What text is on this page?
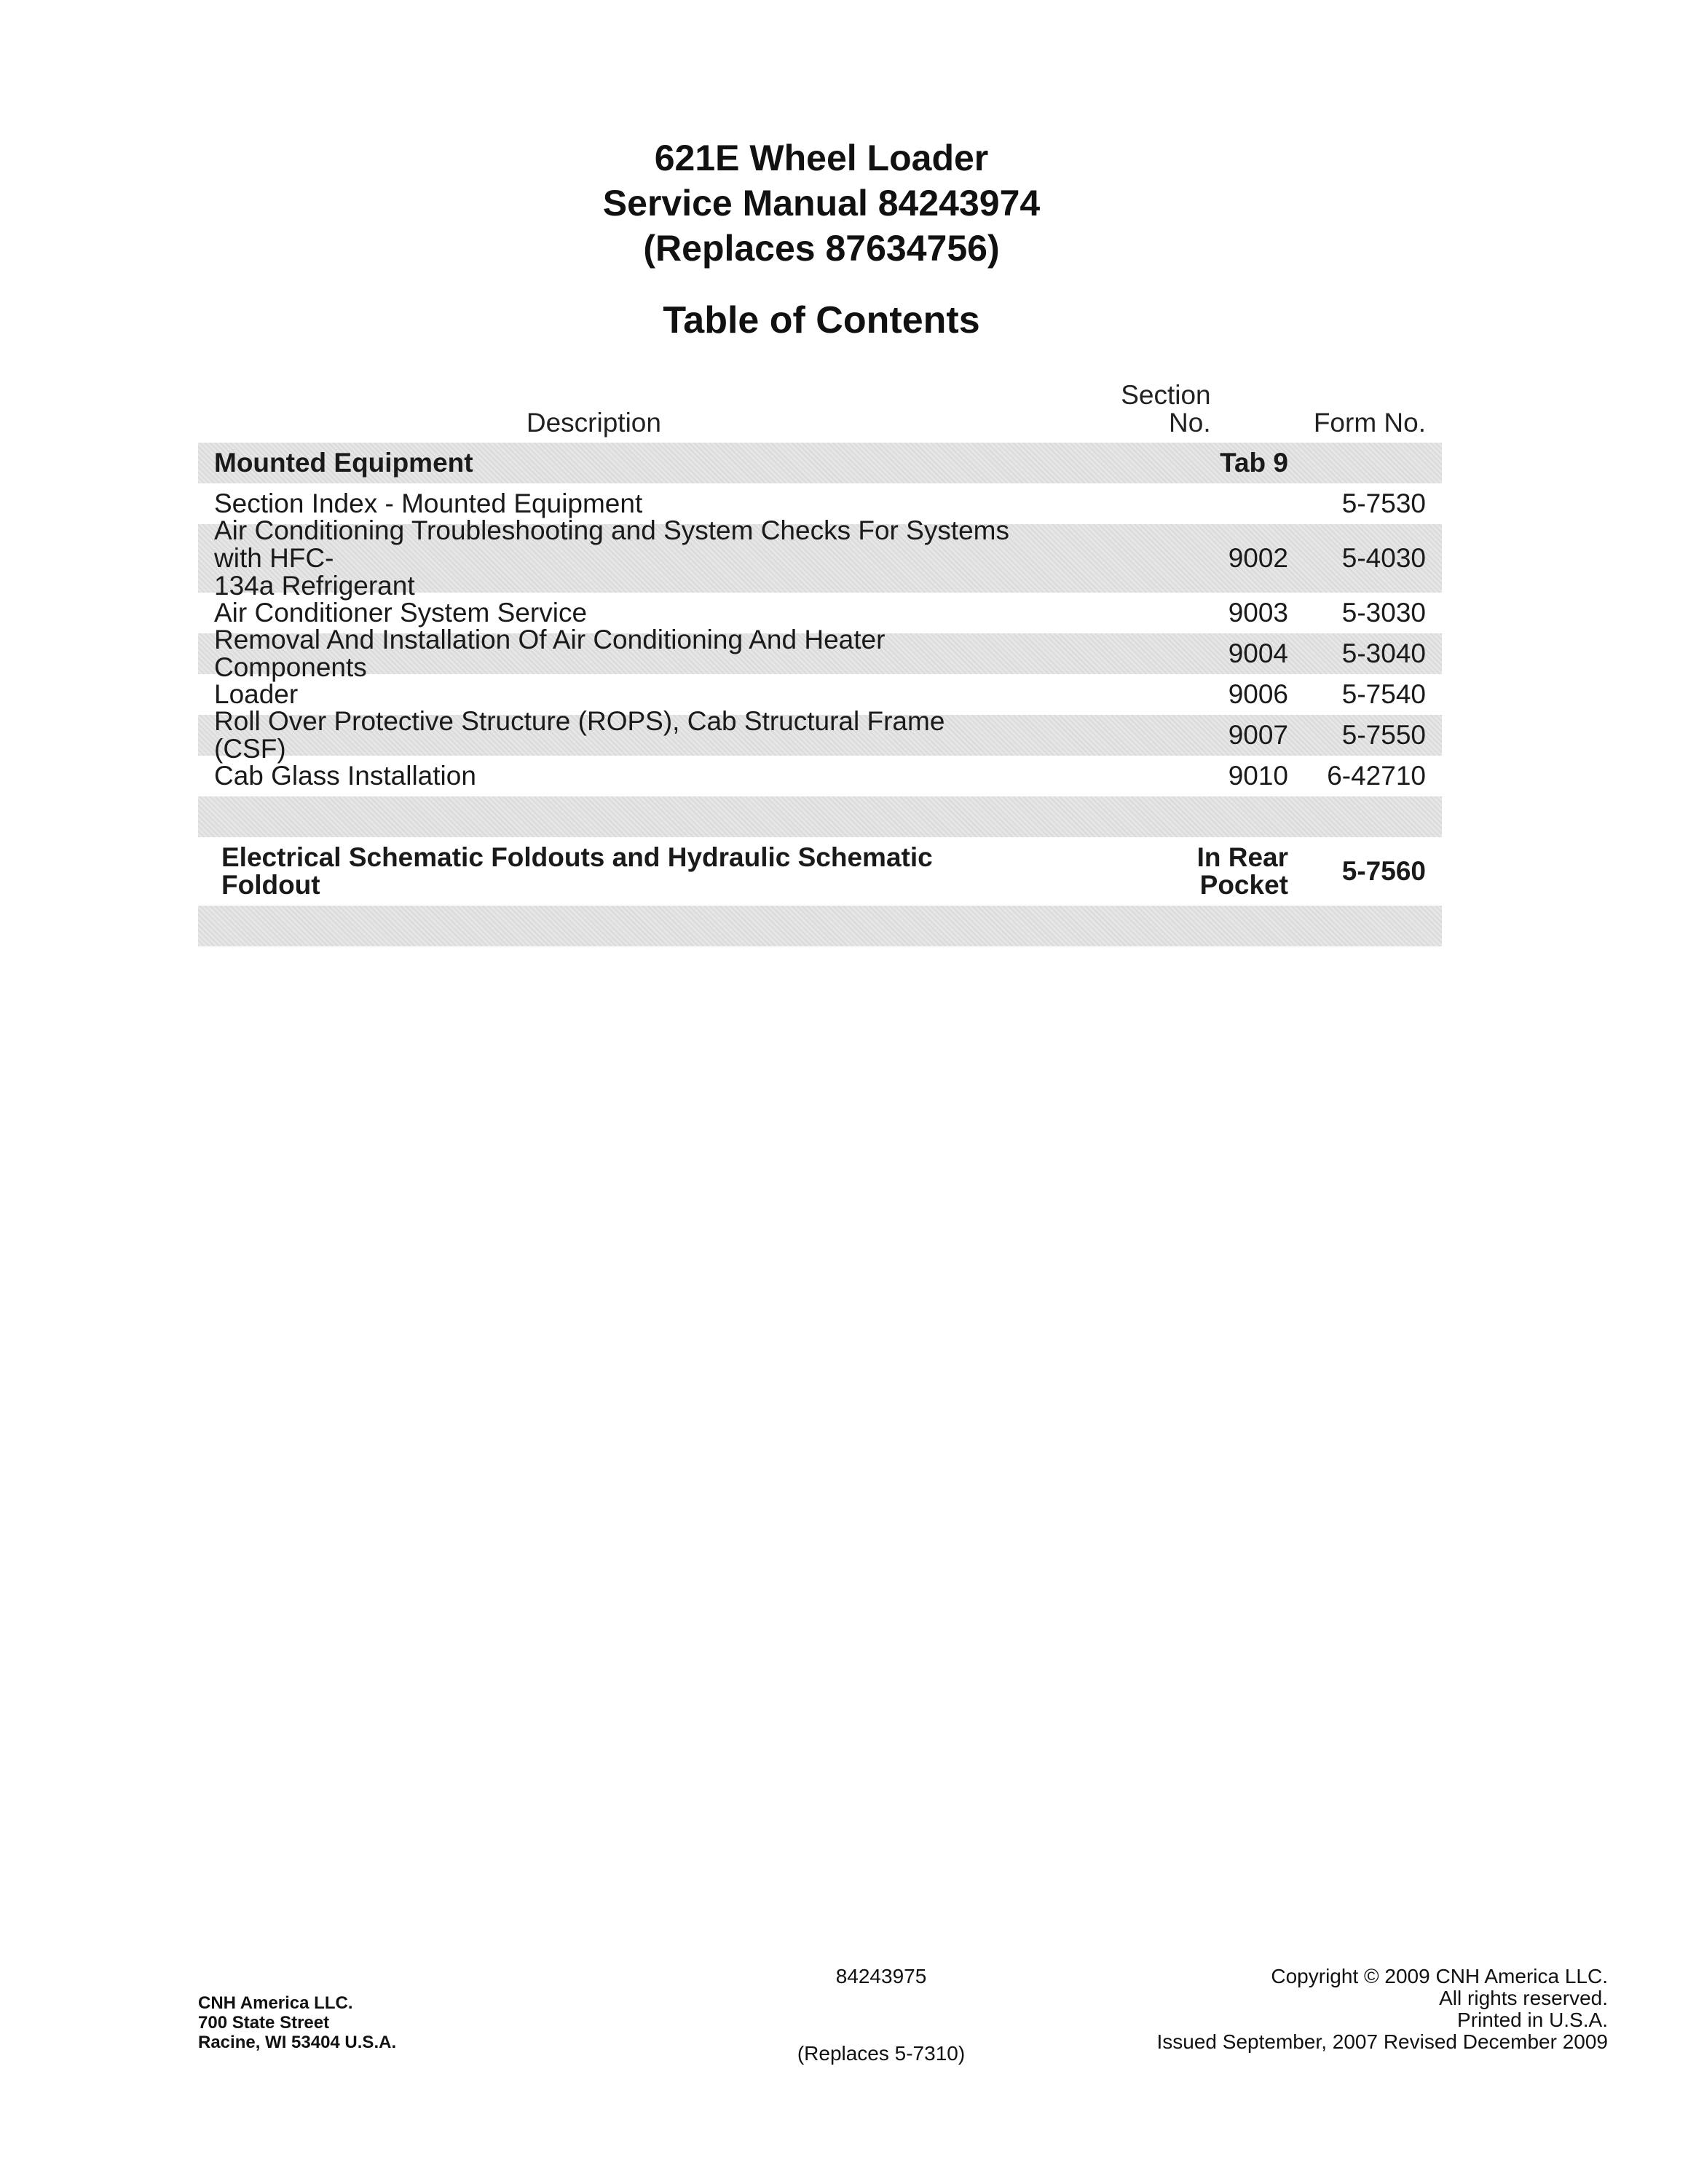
621E Wheel Loader
Service Manual 84243974
(Replaces 87634756)
Table of Contents
Description
Section
No.	Form No.
Mounted Equipment	Tab 9
Section Index - Mounted Equipment	5-7530
Air Conditioning Troubleshooting and System Checks For Systems with HFC-
134a Refrigerant
9002	5-4030
Air Conditioner System Service	9003	5-3030
Removal And Installation Of Air Conditioning And Heater Components	9004	5-3040
Loader	9006	5-7540
Roll Over Protective Structure (ROPS), Cab Structural Frame (CSF)	9007	5-7550
Cab Glass Installation	9010	6-42710
Electrical Schematic Foldouts and Hydraulic Schematic Foldout
In Rear
Pocket	5-7560
CNH America LLC.
700 State Street
Racine, WI 53404 U.S.A.
84243975
(Replaces 5-7310)
Copyright © 2009 CNH America LLC.
All rights reserved.
Printed in U.S.A.
Issued September, 2007 Revised December 2009
